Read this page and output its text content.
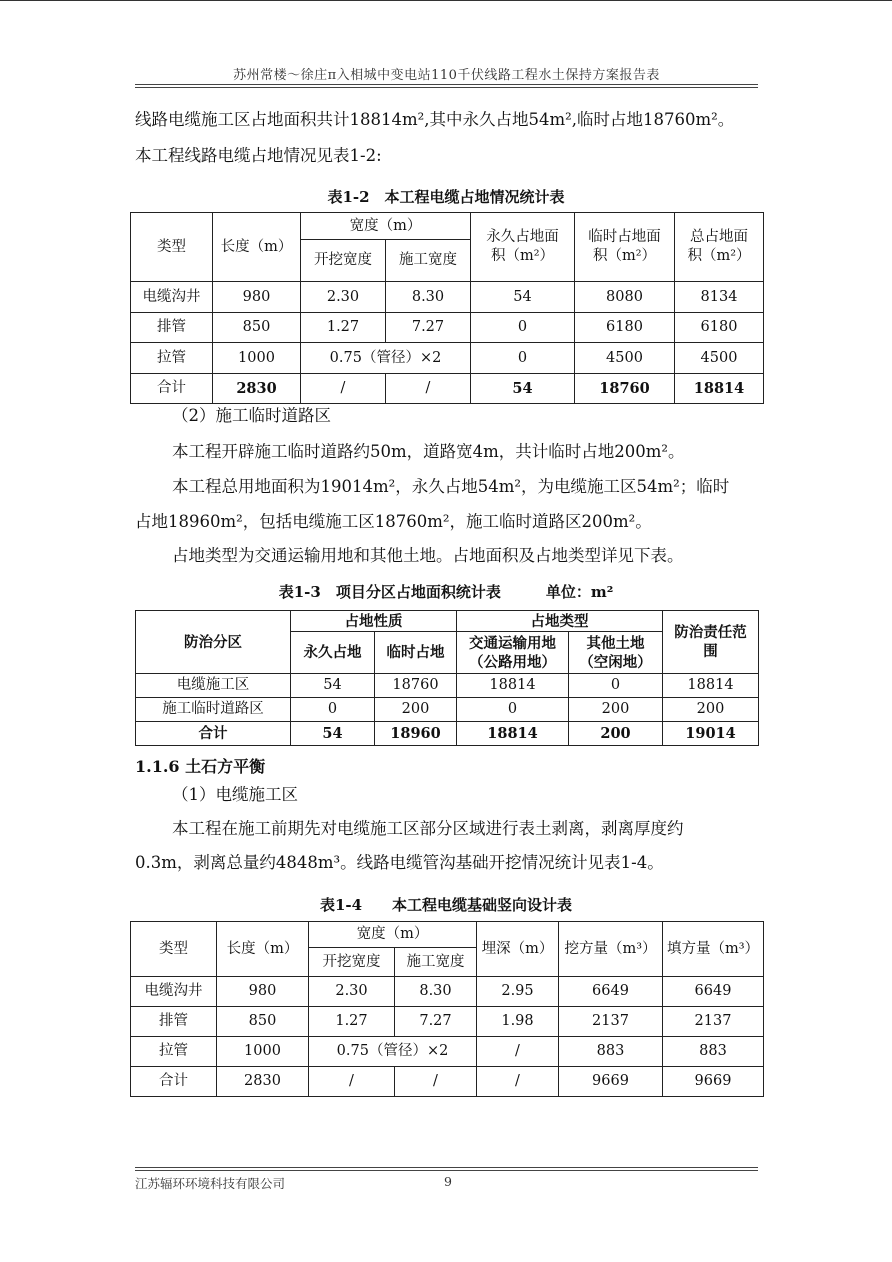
苏州常楼～徐庄π入相城中变电站110千伏线路工程水土保持方案报告表
线路电缆施工区占地面积共计18814m²,其中永久占地54m²,临时占地18760m²。
本工程线路电缆占地情况见表1-2:
表1-2　本工程电缆占地情况统计表
类型	长度（m）	宽度（m）		永久占地面积（m²）	临时占地面积（m²）	总占地面积（m²）
		开挖宽度	施工宽度			
电缆沟井	980	2.30	8.30	54	8080	8134
排管	850	1.27	7.27	0	6180	6180
拉管	1000	0.75（管径）×2		0	4500	4500
合计	2830	/	/	54	18760	18814
（2）施工临时道路区
本工程开辟施工临时道路约50m，道路宽4m，共计临时占地200m²。
本工程总用地面积为19014m²，永久占地54m²，为电缆施工区54m²；临时
占地18960m²，包括电缆施工区18760m²，施工临时道路区200m²。
占地类型为交通运输用地和其他土地。占地面积及占地类型详见下表。
表1-3　项目分区占地面积统计表　　　单位：m²
防治分区	占地性质		占地类型		防治责任范围
	永久占地	临时占地	交通运输用地（公路用地）	其他土地（空闲地）	
电缆施工区	54	18760	18814	0	18814
施工临时道路区	0	200	0	200	200
合计	54	18960	18814	200	19014
1.1.6 土石方平衡
（1）电缆施工区
本工程在施工前期先对电缆施工区部分区域进行表土剥离，剥离厚度约
0.3m，剥离总量约4848m³。线路电缆管沟基础开挖情况统计见表1-4。
表1-4　　本工程电缆基础竖向设计表
类型	长度（m）	宽度（m）		埋深（m）	挖方量（m³）	填方量（m³）
		开挖宽度	施工宽度			
电缆沟井	980	2.30	8.30	2.95	6649	6649
排管	850	1.27	7.27	1.98	2137	2137
拉管	1000	0.75（管径）×2		/	883	883
合计	2830	/	/	/	9669	9669
江苏辐环环境科技有限公司	9
